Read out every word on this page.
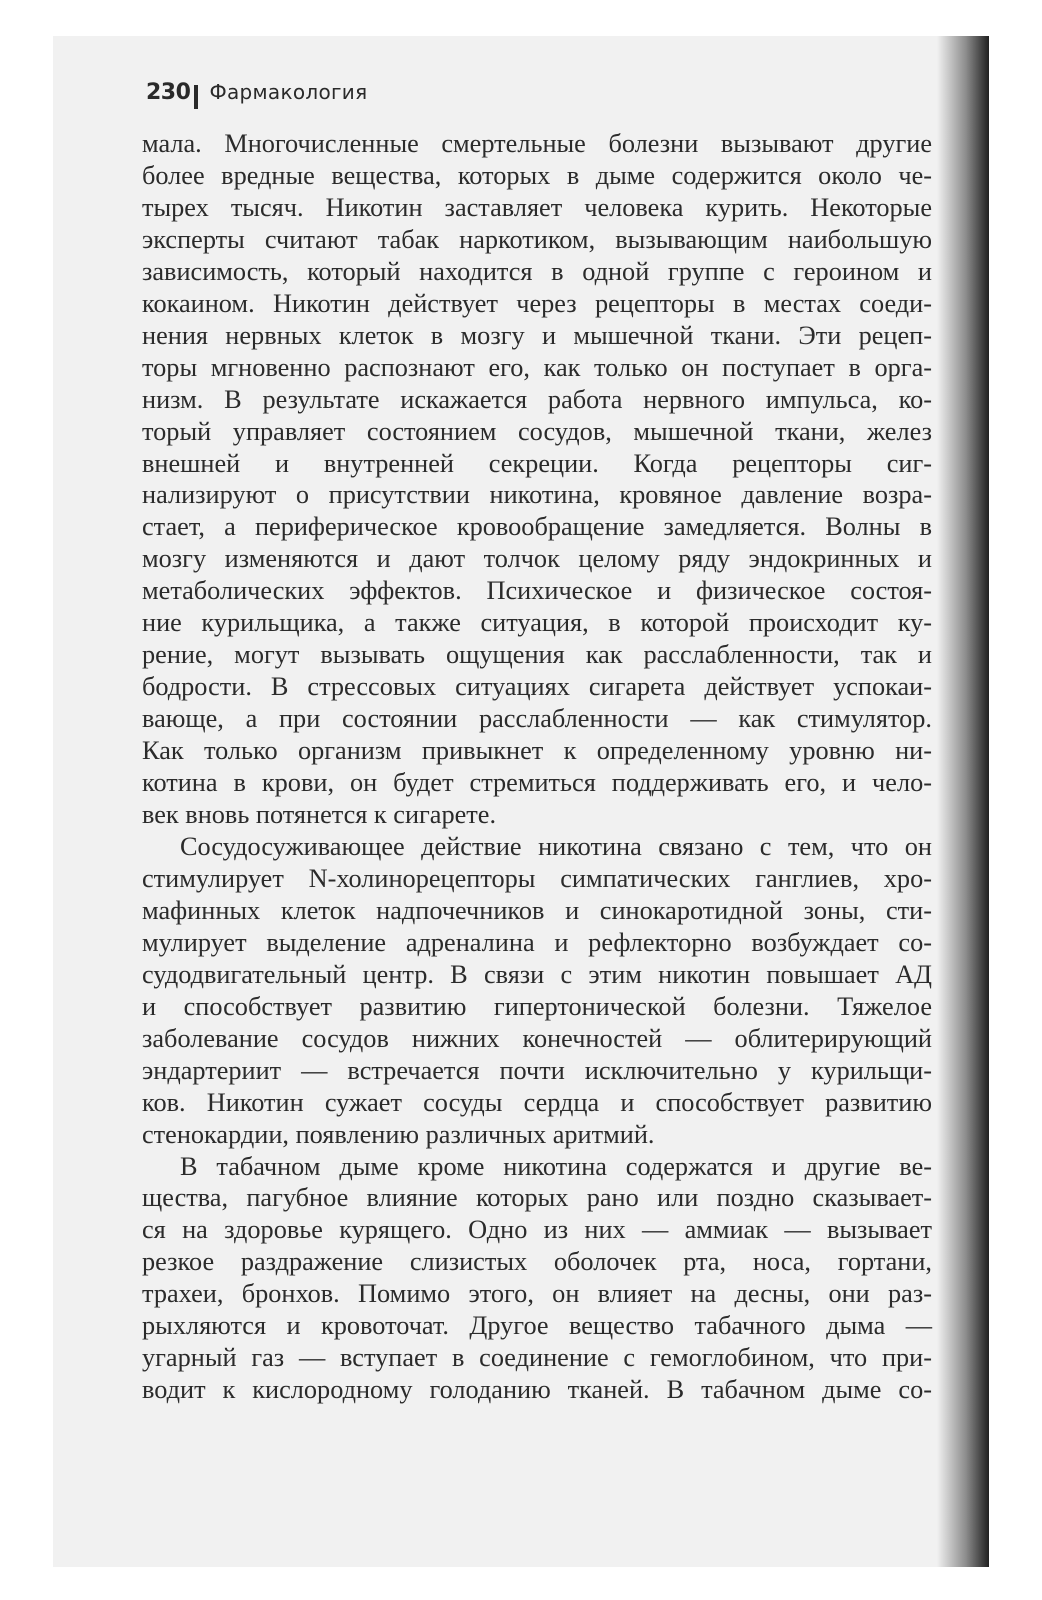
230 Фармакология
мала. Многочисленные смертельные болезни вызывают другие
более вредные вещества, которых в дыме содержится около че-
тырех тысяч. Никотин заставляет человека курить. Некоторые
эксперты считают табак наркотиком, вызывающим наибольшую
зависимость, который находится в одной группе с героином и
кокаином. Никотин действует через рецепторы в местах соеди-
нения нервных клеток в мозгу и мышечной ткани. Эти рецеп-
торы мгновенно распознают его, как только он поступает в орга-
низм. В результате искажается работа нервного импульса, ко-
торый управляет состоянием сосудов, мышечной ткани, желез
внешней и внутренней секреции. Когда рецепторы сиг-
нализируют о присутствии никотина, кровяное давление возра-
стает, а периферическое кровообращение замедляется. Волны в
мозгу изменяются и дают толчок целому ряду эндокринных и
метаболических эффектов. Психическое и физическое состоя-
ние курильщика, а также ситуация, в которой происходит ку-
рение, могут вызывать ощущения как расслабленности, так и
бодрости. В стрессовых ситуациях сигарета действует успокаи-
вающе, а при состоянии расслабленности — как стимулятор.
Как только организм привыкнет к определенному уровню ни-
котина в крови, он будет стремиться поддерживать его, и чело-
век вновь потянется к сигарете.
Сосудосуживающее действие никотина связано с тем, что он
стимулирует N-холинорецепторы симпатических ганглиев, хро-
мафинных клеток надпочечников и синокаротидной зоны, сти-
мулирует выделение адреналина и рефлекторно возбуждает со-
судодвигательный центр. В связи с этим никотин повышает АД
и способствует развитию гипертонической болезни. Тяжелое
заболевание сосудов нижних конечностей — облитерирующий
эндартериит — встречается почти исключительно у курильщи-
ков. Никотин сужает сосуды сердца и способствует развитию
стенокардии, появлению различных аритмий.
В табачном дыме кроме никотина содержатся и другие ве-
щества, пагубное влияние которых рано или поздно сказывает-
ся на здоровье курящего. Одно из них — аммиак — вызывает
резкое раздражение слизистых оболочек рта, носа, гортани,
трахеи, бронхов. Помимо этого, он влияет на десны, они раз-
рыхляются и кровоточат. Другое вещество табачного дыма —
угарный газ — вступает в соединение с гемоглобином, что при-
водит к кислородному голоданию тканей. В табачном дыме со-
